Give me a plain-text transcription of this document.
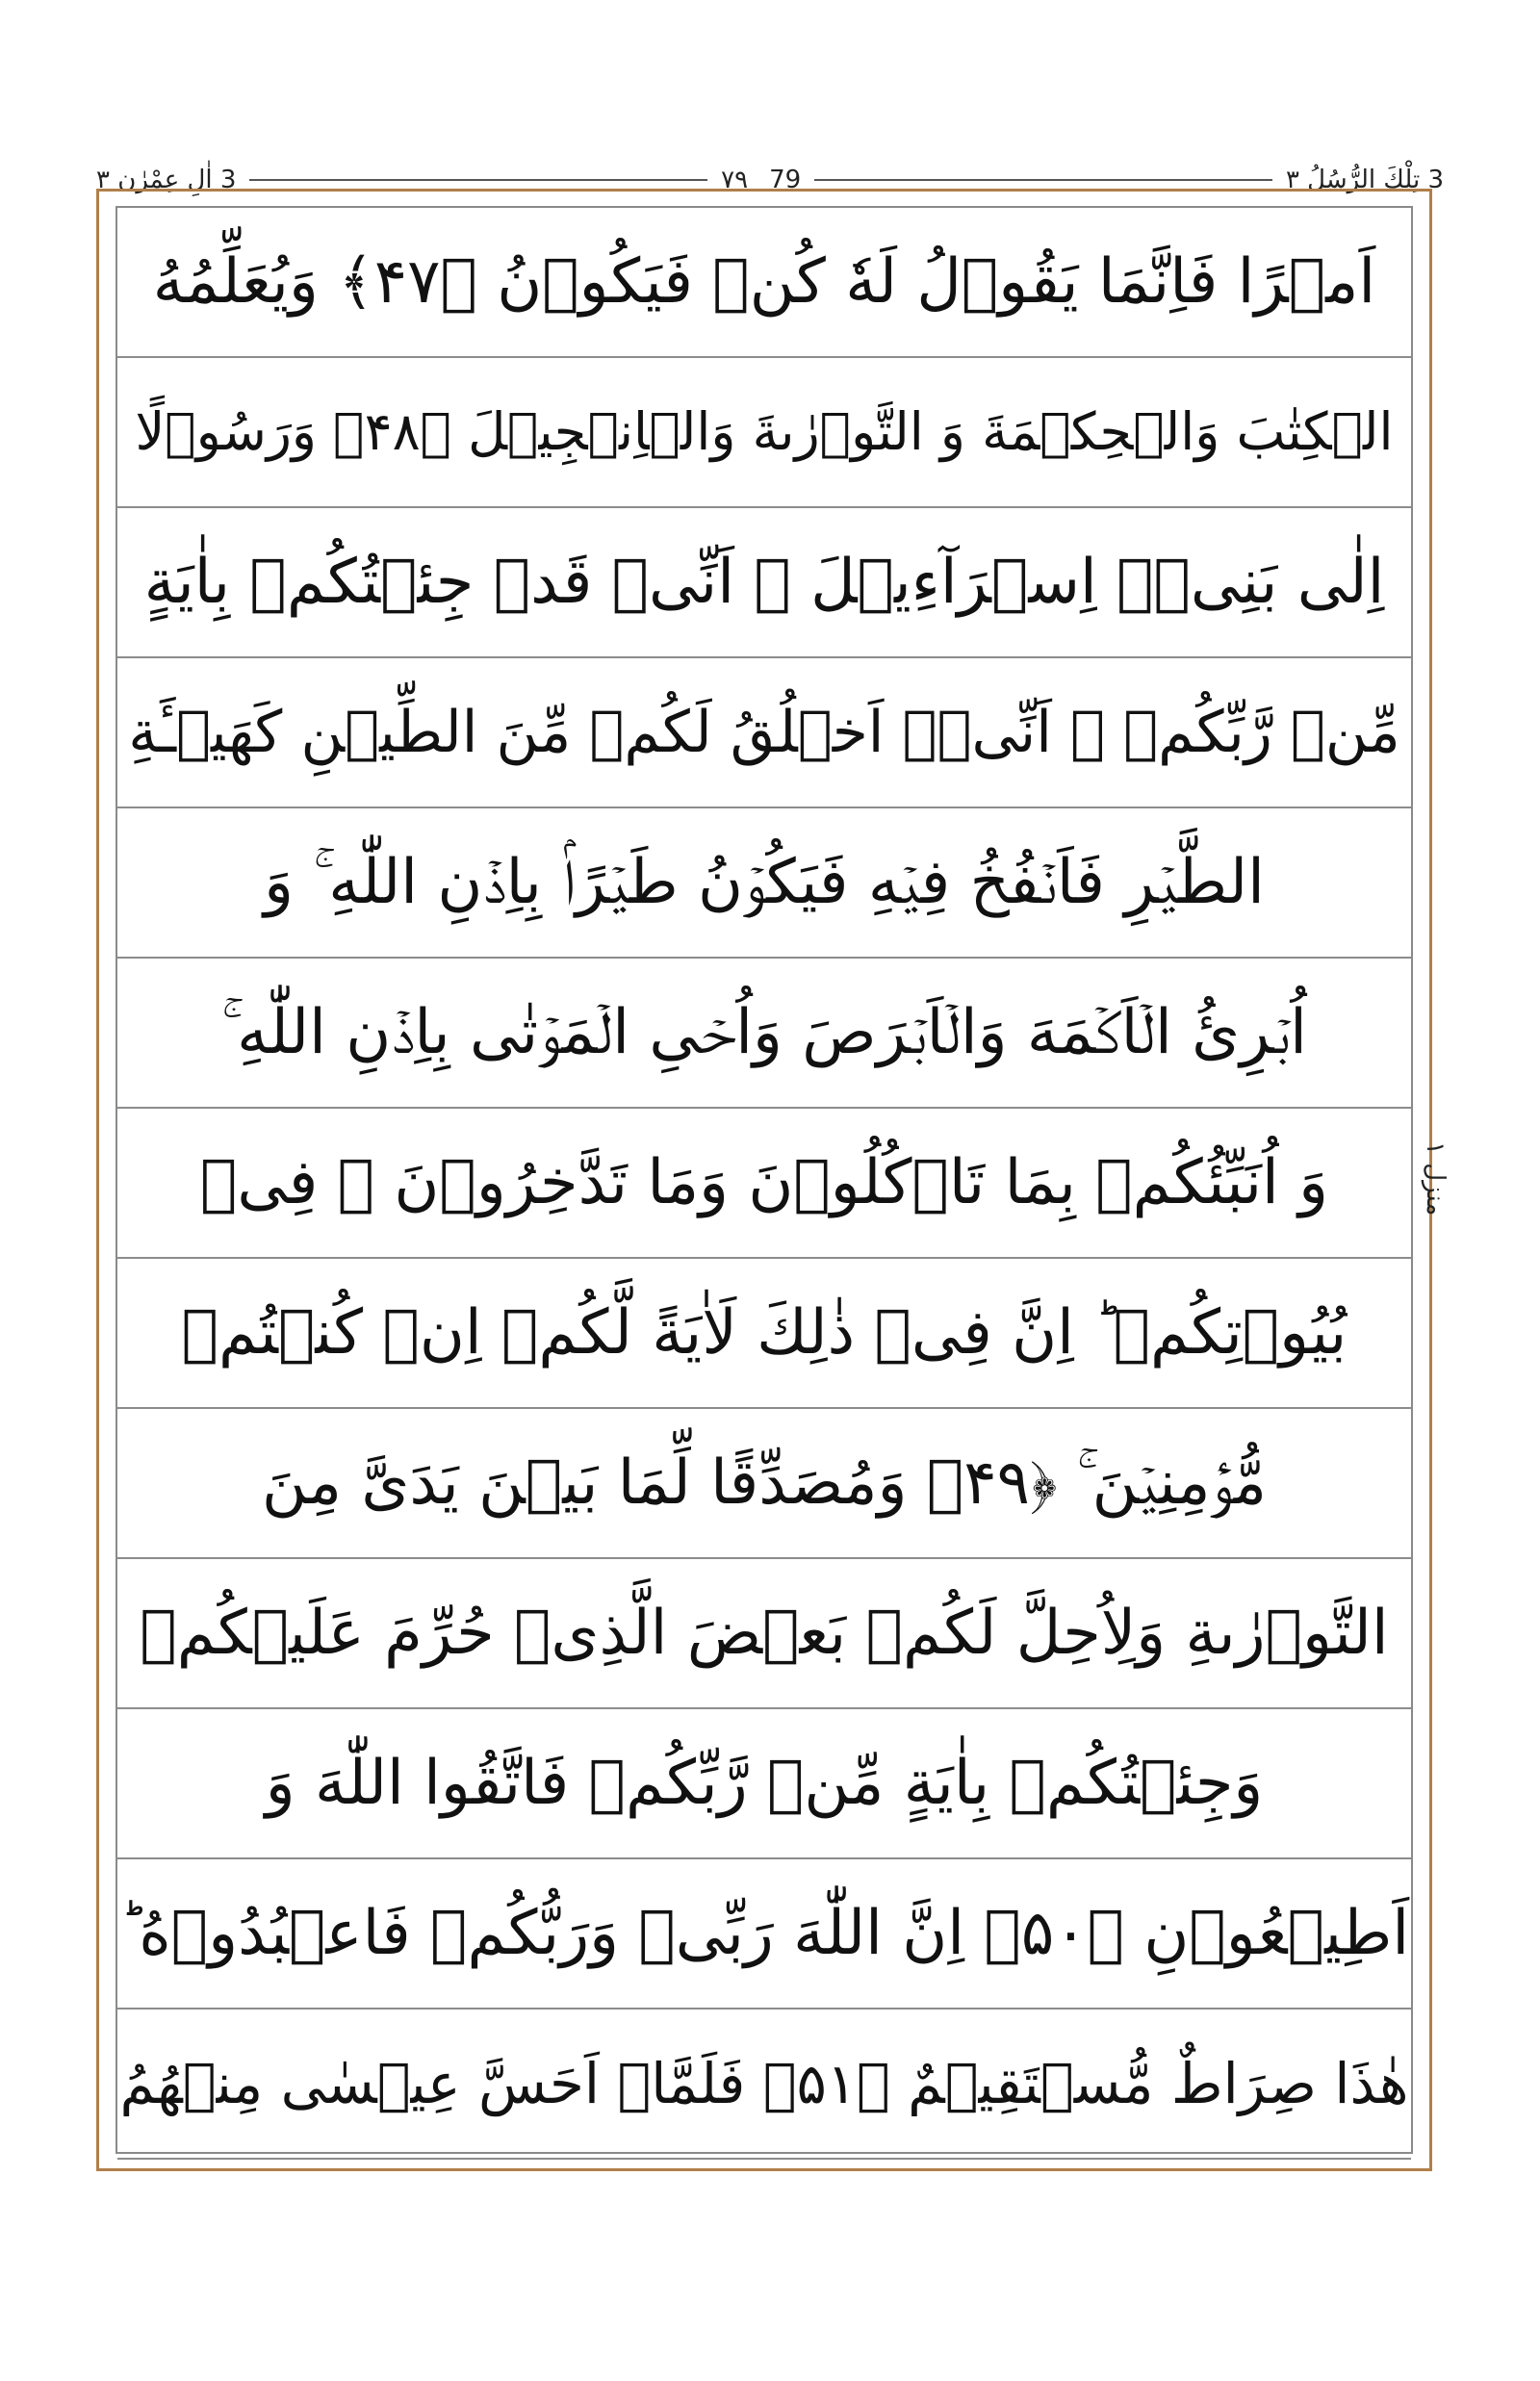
3 اٰلِ عِمْرٰن ٣	٧٩ 79	3 تِلْكَ الرُّسُلُ ٣
اَمۡرًا فَاِنَّمَا يَقُوۡلُ لَهٗ كُنۡ فَيَكُوۡنُ ﴿۴۷﴾ وَيُعَلِّمُهُ
الۡكِتٰبَ وَالۡحِكۡمَةَ وَ التَّوۡرٰىةَ وَالۡاِنۡجِيۡلَ ﴿۴۸﴾ وَرَسُوۡلًا
اِلٰى بَنِىۡۤ اِسۡرَآءِيۡلَ ۙ اَنِّىۡ قَدۡ جِئۡتُكُمۡ بِاٰيَةٍ
مِّنۡ رَّبِّكُمۡ ۙ اَنِّىۡۤ اَخۡلُقُ لَكُمۡ مِّنَ الطِّيۡنِ كَهَیۡـَٔةِ
الطَّيۡرِ فَاَنۡفُخُ فِيۡهِ فَيَكُوۡنُ طَيۡرًاۢ بِاِذۡنِ اللّٰهِ ۚ وَ
اُبۡرِئُ الۡاَكۡمَهَ وَالۡاَبۡرَصَ وَاُحۡىِ الۡمَوۡتٰى بِاِذۡنِ اللّٰهِ ۚ
وَ اُنَبِّئُكُمۡ بِمَا تَاۡكُلُوۡنَ وَمَا تَدَّخِرُوۡنَ ۙ فِىۡ
بُيُوۡتِكُمۡ ؕ اِنَّ فِىۡ ذٰلِكَ لَاٰيَةً لَّكُمۡ اِنۡ كُنۡتُمۡ
مُّؤۡمِنِيۡنَ ۚ ﴿۴۹﴾ وَمُصَدِّقًا لِّمَا بَيۡنَ يَدَىَّ مِنَ
التَّوۡرٰىةِ وَلِاُحِلَّ لَكُمۡ بَعۡضَ الَّذِىۡ حُرِّمَ عَلَيۡكُمۡ
وَجِئۡتُكُمۡ بِاٰيَةٍ مِّنۡ رَّبِّكُمۡ فَاتَّقُوا اللّٰهَ وَ
اَطِيۡعُوۡنِ ﴿۵۰﴾ اِنَّ اللّٰهَ رَبِّىۡ وَرَبُّكُمۡ فَاعۡبُدُوۡهُ ؕ
هٰذَا صِرَاطٌ مُّسۡتَقِيۡمٌ ﴿۵۱﴾ فَلَمَّاۤ اَحَسَّ عِيۡسٰى مِنۡهُمُ
منزل ۱
